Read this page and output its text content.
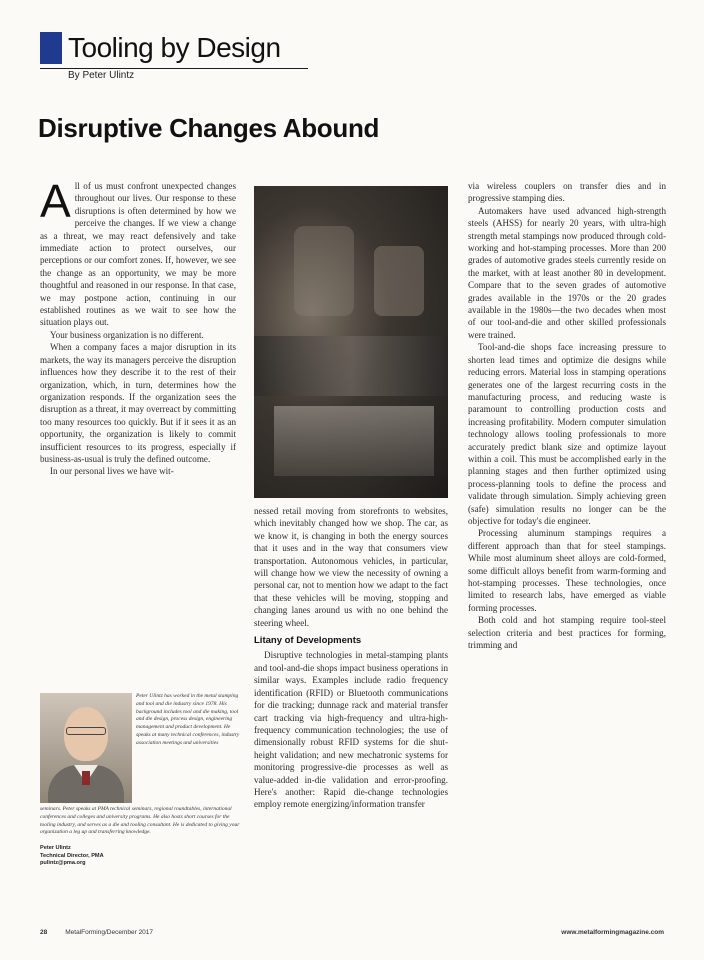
Tooling by Design
By Peter Ulintz
Disruptive Changes Abound

All of us must confront unexpected changes throughout our lives. Our response to these disruptions is often determined by how we perceive the changes. If we view a change as a threat, we may react defensively and take immediate action to protect ourselves, our perceptions or our comfort zones. If, however, we see the change as an opportunity, we may be more thoughtful and reasoned in our response. In that case, we may postpone action, continuing in our established routines as we wait to see how the situation plays out.

Your business organization is no different.

When a company faces a major disruption in its markets, the way its managers perceive the disruption influences how they describe it to the rest of their organization, which, in turn, determines how the organization responds. If the organization sees the disruption as a threat, it may overreact by committing too many resources too quickly. But if it sees it as an opportunity, the organization is likely to commit insufficient resources to its progress, especially if business-as-usual is truly the defined outcome.

In our personal lives we have wit-

nessed retail moving from storefronts to websites, which inevitably changed how we shop. The car, as we know it, is changing in both the energy sources that it uses and in the way that consumers view transportation. Autonomous vehicles, in particular, will change how we view the necessity of owning a personal car, not to mention how we adapt to the fact that these vehicles will be moving, stopping and changing lanes around us with no one behind the steering wheel.

Litany of Developments

Disruptive technologies in metal-stamping plants and tool-and-die shops impact business operations in similar ways. Examples include radio frequency identification (RFID) or Bluetooth communications for die tracking; dunnage rack and material transfer cart tracking via high-frequency and ultra-high-frequency communication technologies; the use of dimensionally robust RFID systems for die shut-height validation; and new mechatronic systems for monitoring progressive-die processes as well as value-added in-die validation and error-proofing. Here's another: Rapid die-change technologies employ remote energizing/information transfer

via wireless couplers on transfer dies and in progressive stamping dies.

Automakers have used advanced high-strength steels (AHSS) for nearly 20 years, with ultra-high strength metal stampings now produced through cold-working and hot-stamping processes. More than 200 grades of automotive grades steels currently reside on the market, with at least another 80 in development. Compare that to the seven grades of automotive grades available in the 1970s or the 20 grades available in the 1980s—the two decades when most of our tool-and-die and other skilled professionals were trained.

Tool-and-die shops face increasing pressure to shorten lead times and optimize die designs while reducing errors. Material loss in stamping operations generates one of the largest recurring costs in the manufacturing process, and reducing waste is paramount to controlling production costs and increasing profitability. Modern computer simulation technology allows tooling professionals to more accurately predict blank size and optimize layout within a coil. This must be accomplished early in the planning stages and then further optimized using process-planning tools to define the process and validate through simulation. Simply achieving green (safe) simulation results no longer can be the objective for today's die engineer.

Processing aluminum stampings requires a different approach than that for steel stampings. While most aluminum sheet alloys are cold-formed, some difficult alloys benefit from warm-forming and hot-stamping processes. These technologies, once limited to research labs, have emerged as viable forming processes.

Both cold and hot stamping require tool-steel selection criteria and best practices for forming, trimming and

Peter Ulintz has worked in the metal stamping and tool and die industry since 1978. His background includes tool and die making, tool and die design, process design, engineering management and product development. He speaks at many technical conferences, industry association meetings and universities
seminars. Peter speaks at PMA technical seminars, regional roundtables, international conferences and colleges and university programs. He also hosts short courses for the tooling industry, and serves as a die and tooling consultant. He is dedicated to giving your organization a leg up and transferring knowledge.
Peter Ulintz
Technical Director, PMA
pulintz@pma.org
28	MetalForming/December 2017	www.metalformingmagazine.com
